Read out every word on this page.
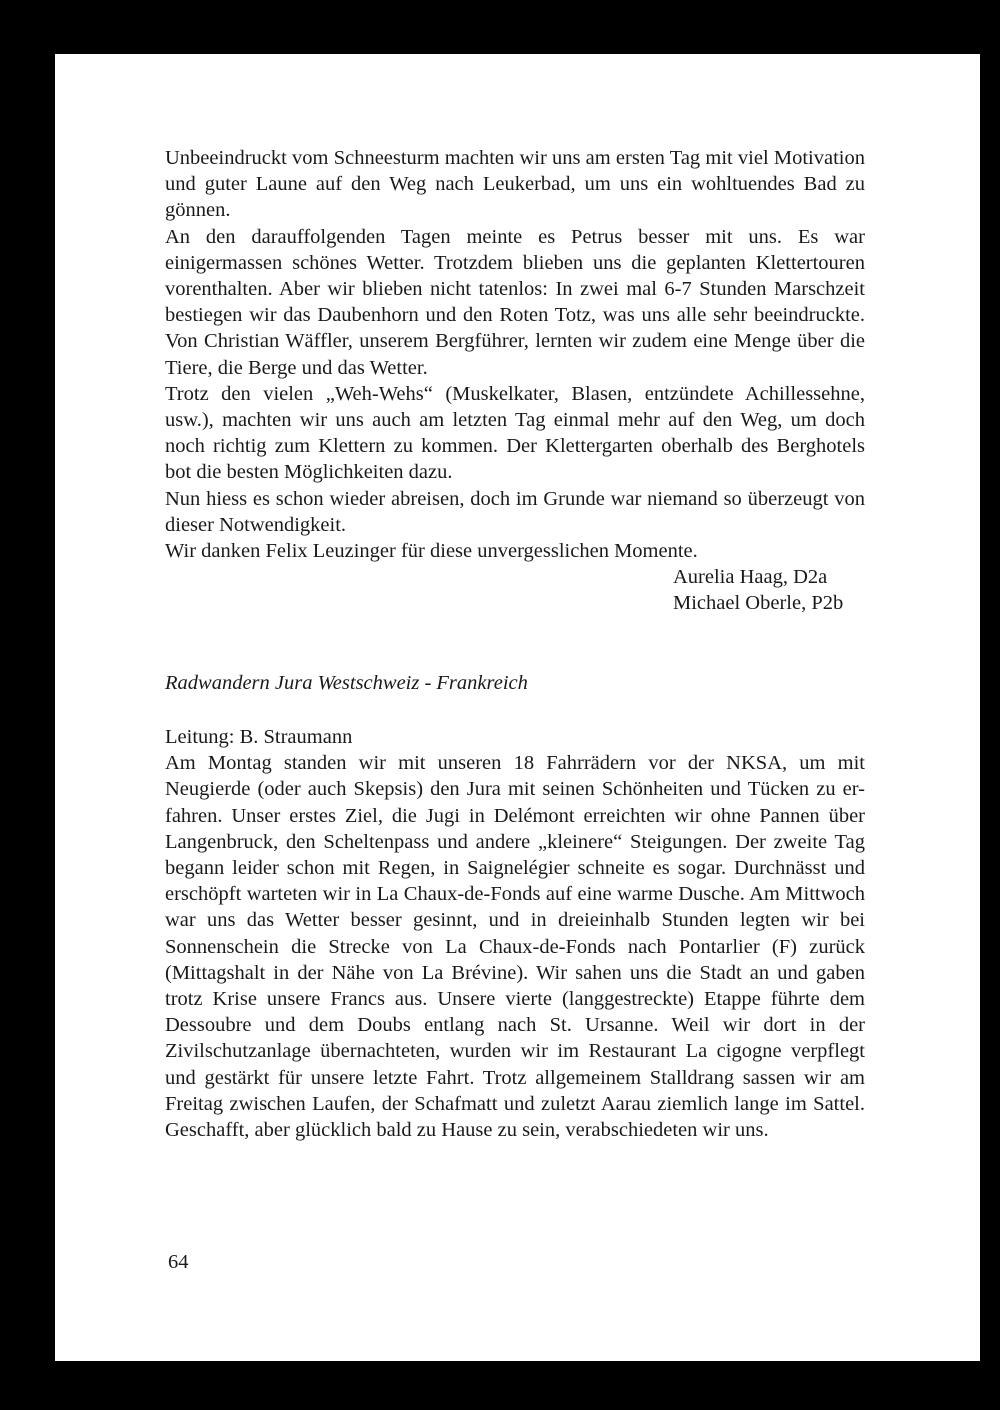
Unbeeindruckt vom Schneesturm machten wir uns am ersten Tag mit viel Motivation und guter Laune auf den Weg nach Leukerbad, um uns ein wohltuendes Bad zu gönnen.

An den darauffolgenden Tagen meinte es Petrus besser mit uns. Es war einigermassen schönes Wetter. Trotzdem blieben uns die geplanten Klettertouren vorenthalten. Aber wir blieben nicht tatenlos: In zwei mal 6-7 Stunden Marschzeit bestiegen wir das Daubenhorn und den Roten Totz, was uns alle sehr beeindruckte. Von Christian Wäffler, unserem Bergführer, lernten wir zudem eine Menge über die Tiere, die Berge und das Wetter.

Trotz den vielen „Weh-Wehs“ (Muskelkater, Blasen, entzündete Achillessehne, usw.), machten wir uns auch am letzten Tag einmal mehr auf den Weg, um doch noch richtig zum Klettern zu kommen. Der Klettergarten oberhalb des Berghotels bot die besten Möglichkeiten dazu.

Nun hiess es schon wieder abreisen, doch im Grunde war niemand so überzeugt von dieser Notwendigkeit.

Wir danken Felix Leuzinger für diese unvergesslichen Momente.

Aurelia Haag, D2a

Michael Oberle, P2b

Radwandern Jura Westschweiz - Frankreich

Leitung: B. Straumann

Am Montag standen wir mit unseren 18 Fahrrädern vor der NKSA, um mit Neugierde (oder auch Skepsis) den Jura mit seinen Schönheiten und Tücken zu er-fahren. Unser erstes Ziel, die Jugi in Delémont erreichten wir ohne Pannen über Langenbruck, den Scheltenpass und andere „kleinere“ Steigungen. Der zweite Tag begann leider schon mit Regen, in Saignelégier schneite es sogar. Durchnässt und erschöpft warteten wir in La Chaux-de-Fonds auf eine warme Dusche. Am Mittwoch war uns das Wetter besser gesinnt, und in dreieinhalb Stunden legten wir bei Sonnenschein die Strecke von La Chaux-de-Fonds nach Pontarlier (F) zurück (Mittagshalt in der Nähe von La Brévine). Wir sahen uns die Stadt an und gaben trotz Krise unsere Francs aus. Unsere vierte (langgestreckte) Etappe führte dem Dessoubre und dem Doubs entlang nach St. Ursanne. Weil wir dort in der Zivilschutzanlage übernachteten, wurden wir im Restaurant La cigogne verpflegt und gestärkt für unsere letzte Fahrt. Trotz allgemeinem Stalldrang sassen wir am Freitag zwischen Laufen, der Schafmatt und zuletzt Aarau ziemlich lange im Sattel. Geschafft, aber glücklich bald zu Hause zu sein, verabschiedeten wir uns.

64
